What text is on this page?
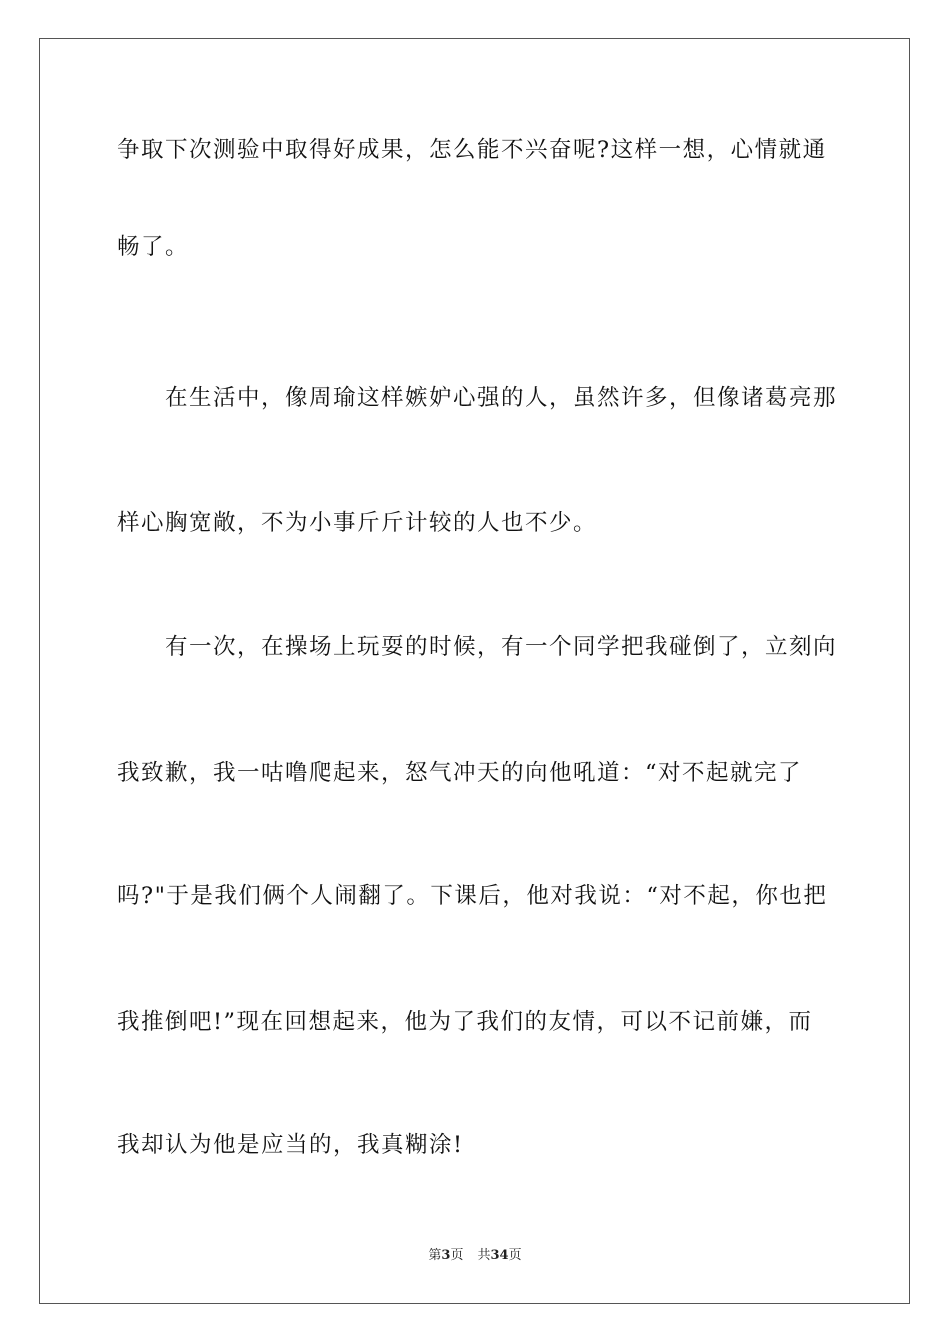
争取下次测验中取得好成果，怎么能不兴奋呢?这样一想，心情就通
畅了。
在生活中，像周瑜这样嫉妒心强的人，虽然许多，但像诸葛亮那
样心胸宽敞，不为小事斤斤计较的人也不少。
有一次，在操场上玩耍的时候，有一个同学把我碰倒了，立刻向
我致歉，我一咕噜爬起来，怒气冲天的向他吼道：“对不起就完了
吗?"于是我们俩个人闹翻了。下课后，他对我说：“对不起，你也把
我推倒吧!”现在回想起来，他为了我们的友情，可以不记前嫌，而
我却认为他是应当的，我真糊涂!
第3页 共34页
